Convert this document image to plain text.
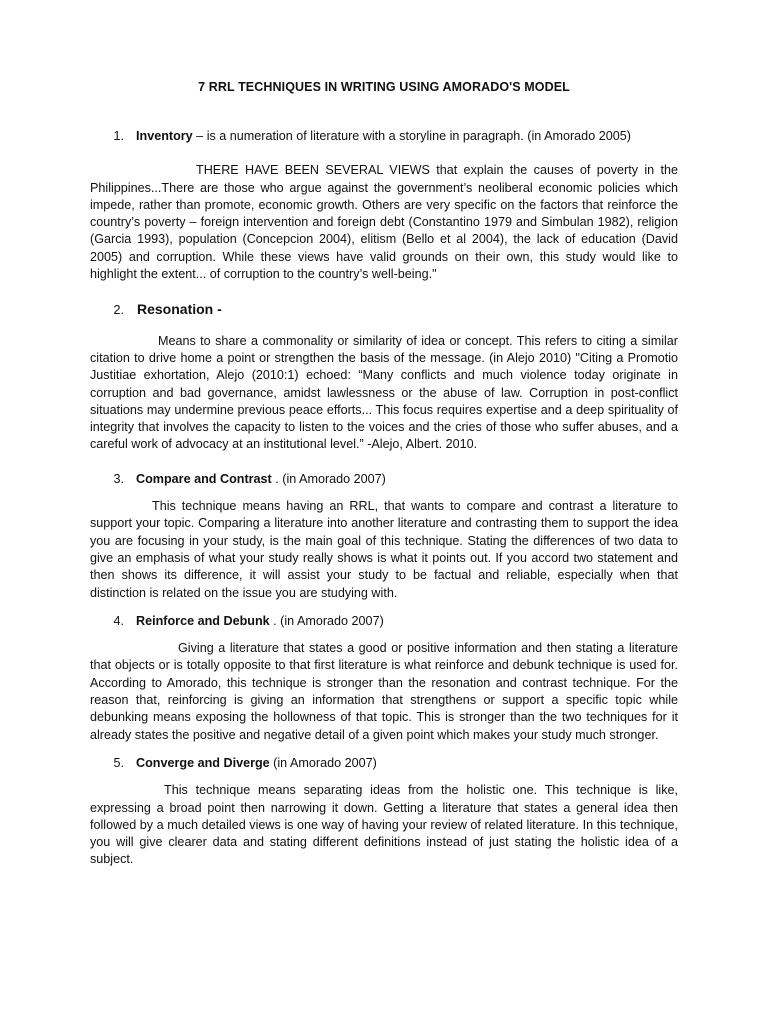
7 RRL TECHNIQUES IN WRITING USING AMORADO'S MODEL
1. Inventory – is a numeration of literature with a storyline in paragraph. (in Amorado 2005)

THERE HAVE BEEN SEVERAL VIEWS that explain the causes of poverty in the Philippines...There are those who argue against the government’s neoliberal economic policies which impede, rather than promote, economic growth. Others are very specific on the factors that reinforce the country’s poverty – foreign intervention and foreign debt (Constantino 1979 and Simbulan 1982), religion (Garcia 1993), population (Concepcion 2004), elitism (Bello et al 2004), the lack of education (David 2005) and corruption. While these views have valid grounds on their own, this study would like to highlight the extent... of corruption to the country’s well-being."

2. Resonation -

Means to share a commonality or similarity of idea or concept. This refers to citing a similar citation to drive home a point or strengthen the basis of the message. (in Alejo 2010) "Citing a Promotio Justitiae exhortation, Alejo (2010:1) echoed: “Many conflicts and much violence today originate in corruption and bad governance, amidst lawlessness or the abuse of law. Corruption in post-conflict situations may undermine previous peace efforts... This focus requires expertise and a deep spirituality of integrity that involves the capacity to listen to the voices and the cries of those who suffer abuses, and a careful work of advocacy at an institutional level.” -Alejo, Albert. 2010.

3. Compare and Contrast . (in Amorado 2007)

This technique means having an RRL, that wants to compare and contrast a literature to support your topic. Comparing a literature into another literature and contrasting them to support the idea you are focusing in your study, is the main goal of this technique. Stating the differences of two data to give an emphasis of what your study really shows is what it points out. If you accord two statement and then shows its difference, it will assist your study to be factual and reliable, especially when that distinction is related on the issue you are studying with.

4. Reinforce and Debunk . (in Amorado 2007)

Giving a literature that states a good or positive information and then stating a literature that objects or is totally opposite to that first literature is what reinforce and debunk technique is used for. According to Amorado, this technique is stronger than the resonation and contrast technique. For the reason that, reinforcing is giving an information that strengthens or support a specific topic while debunking means exposing the hollowness of that topic. This is stronger than the two techniques for it already states the positive and negative detail of a given point which makes your study much stronger.

5. Converge and Diverge (in Amorado 2007)

This technique means separating ideas from the holistic one. This technique is like, expressing a broad point then narrowing it down. Getting a literature that states a general idea then followed by a much detailed views is one way of having your review of related literature. In this technique, you will give clearer data and stating different definitions instead of just stating the holistic idea of a subject.
